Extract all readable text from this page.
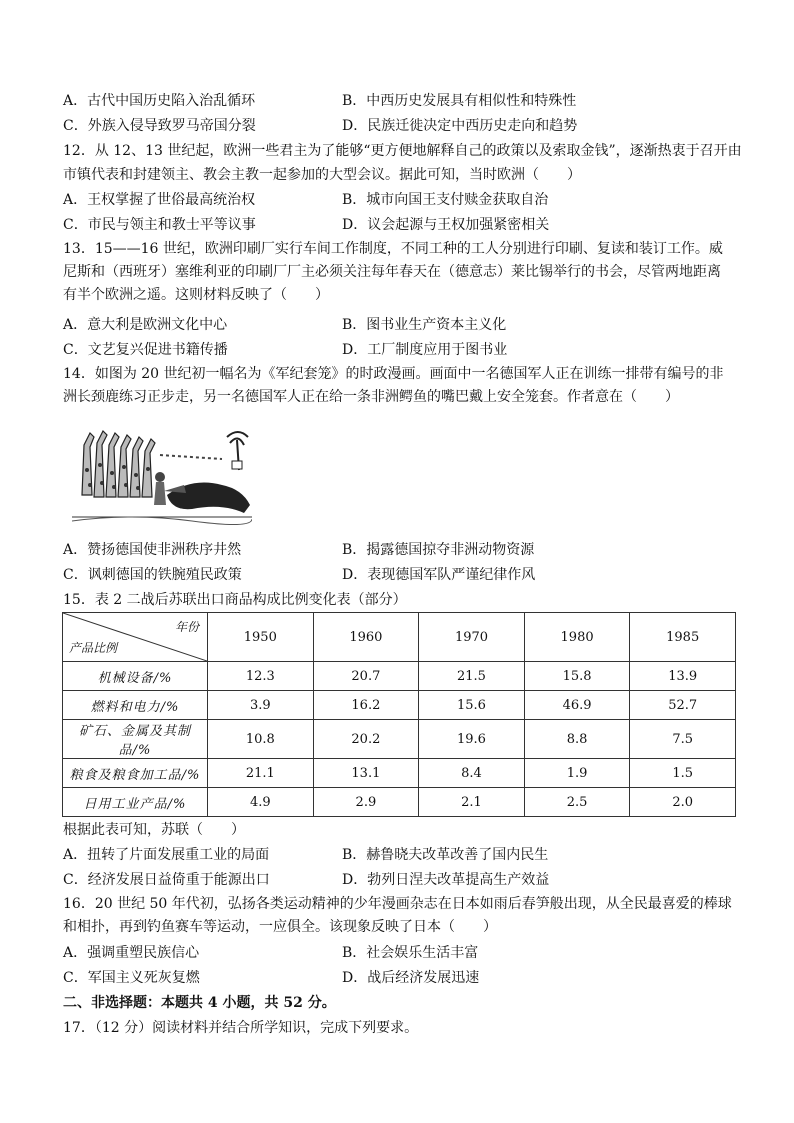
A．古代中国历史陷入治乱循环	B．中西历史发展具有相似性和特殊性
C．外族入侵导致罗马帝国分裂	D．民族迁徙决定中西历史走向和趋势
12．从 12、13 世纪起，欧洲一些君主为了能够“更方便地解释自己的政策以及索取金钱”，逐渐热衷于召开由
市镇代表和封建领主、教会主教一起参加的大型会议。据此可知，当时欧洲（　　）
A．王权掌握了世俗最高统治权	B．城市向国王支付赎金获取自治
C．市民与领主和教士平等议事	D．议会起源与王权加强紧密相关
13．15——16 世纪，欧洲印刷厂实行车间工作制度，不同工种的工人分别进行印刷、复读和装订工作。威尼斯和（西班牙）塞维利亚的印刷厂厂主必须关注每年春天在（德意志）莱比锡举行的书会，尽管两地距离有半个欧洲之遥。这则材料反映了（　　）
A．意大利是欧洲文化中心	B．图书业生产资本主义化
C．文艺复兴促进书籍传播	D．工厂制度应用于图书业
14．如图为 20 世纪初一幅名为《军纪套笼》的时政漫画。画面中一名德国军人正在训练一排带有编号的非洲长颈鹿练习正步走，另一名德国军人正在给一条非洲鳄鱼的嘴巴戴上安全笼套。作者意在（　　）
A．赞扬德国使非洲秩序井然	B．揭露德国掠夺非洲动物资源
C．讽刺德国的铁腕殖民政策	D．表现德国军队严谨纪律作风
15．表 2 二战后苏联出口商品构成比例变化表（部分）
年份
产品比例	1950	1960	1970	1980	1985
机械设备/%	12.3	20.7	21.5	15.8	13.9
燃料和电力/%	3.9	16.2	15.6	46.9	52.7
矿石、金属及其制品/%	10.8	20.2	19.6	8.8	7.5
粮食及粮食加工品/%	21.1	13.1	8.4	1.9	1.5
日用工业产品/%	4.9	2.9	2.1	2.5	2.0
根据此表可知，苏联（　　）
A．扭转了片面发展重工业的局面	B．赫鲁晓夫改革改善了国内民生
C．经济发展日益倚重于能源出口	D．勃列日涅夫改革提高生产效益
16．20 世纪 50 年代初，弘扬各类运动精神的少年漫画杂志在日本如雨后春笋般出现，从全民最喜爱的棒球和相扑，再到钓鱼赛车等运动，一应俱全。该现象反映了日本（　　）
A．强调重塑民族信心	B．社会娱乐生活丰富
C．军国主义死灰复燃	D．战后经济发展迅速
二、非选择题：本题共 4 小题，共 52 分。
17．（12 分）阅读材料并结合所学知识，完成下列要求。
